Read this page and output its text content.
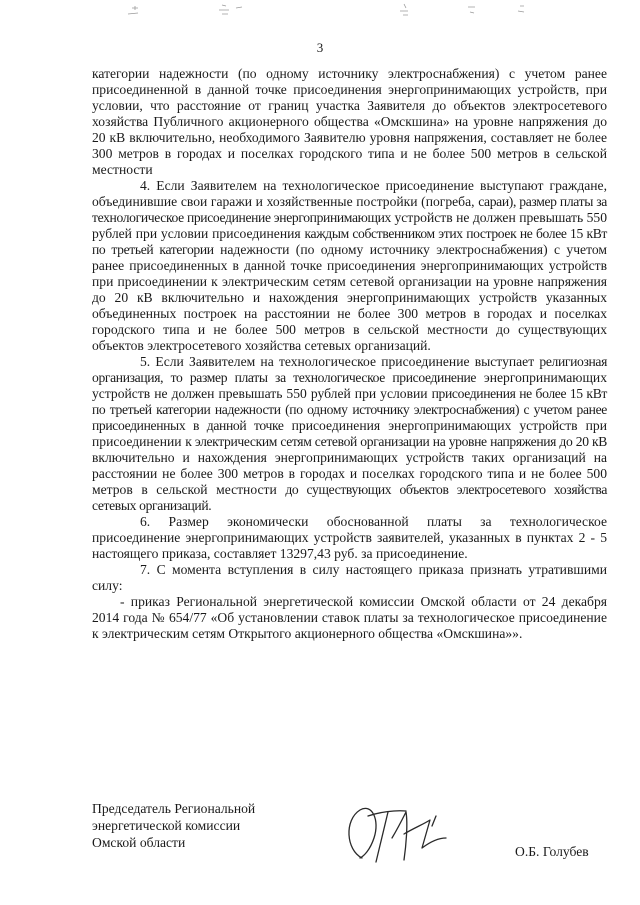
3

категории надежности (по одному источнику электроснабжения) с учетом ранее присоединенной в данной точке присоединения энергопринимающих устройств, при условии, что расстояние от границ участка Заявителя до объектов электросетевого хозяйства Публичного акционерного общества «Омскшина» на уровне напряжения до 20 кВ включительно, необходимого Заявителю уровня напряжения, составляет не более 300 метров в городах и поселках городского типа и не более 500 метров в сельской местности

4. Если Заявителем на технологическое присоединение выступают граждане, объединившие свои гаражи и хозяйственные постройки (погреба, сараи), размер платы за технологическое присоединение энергопринимающих устройств не должен превышать 550 рублей при условии присоединения каждым собственником этих построек не более 15 кВт по третьей категории надежности (по одному источнику электроснабжения) с учетом ранее присоединенных в данной точке присоединения энергопринимающих устройств при присоединении к электрическим сетям сетевой организации на уровне напряжения до 20 кВ включительно и нахождения энергопринимающих устройств указанных объединенных построек на расстоянии не более 300 метров в городах и поселках городского типа и не более 500 метров в сельской местности до существующих объектов электросетевого хозяйства сетевых организаций.

5. Если Заявителем на технологическое присоединение выступает религиозная организация, то размер платы за технологическое присоединение энергопринимающих устройств не должен превышать 550 рублей при условии присоединения не более 15 кВт по третьей категории надежности (по одному источнику электроснабжения) с учетом ранее присоединенных в данной точке присоединения энергопринимающих устройств при присоединении к электрическим сетям сетевой организации на уровне напряжения до 20 кВ включительно и нахождения энергопринимающих устройств таких организаций на расстоянии не более 300 метров в городах и поселках городского типа и не более 500 метров в сельской местности до существующих объектов электросетевого хозяйства сетевых организаций.

6. Размер экономически обоснованной платы за технологическое присоединение энергопринимающих устройств заявителей, указанных в пунктах 2 - 5 настоящего приказа, составляет 13297,43 руб. за присоединение.

7. С момента вступления в силу настоящего приказа признать утратившими силу:

- приказ Региональной энергетической комиссии Омской области от 24 декабря 2014 года № 654/77 «Об установлении ставок платы за технологическое присоединение к электрическим сетям Открытого акционерного общества «Омскшина»».

Председатель Региональной
энергетической комиссии
Омской области
О.Б. Голубев
